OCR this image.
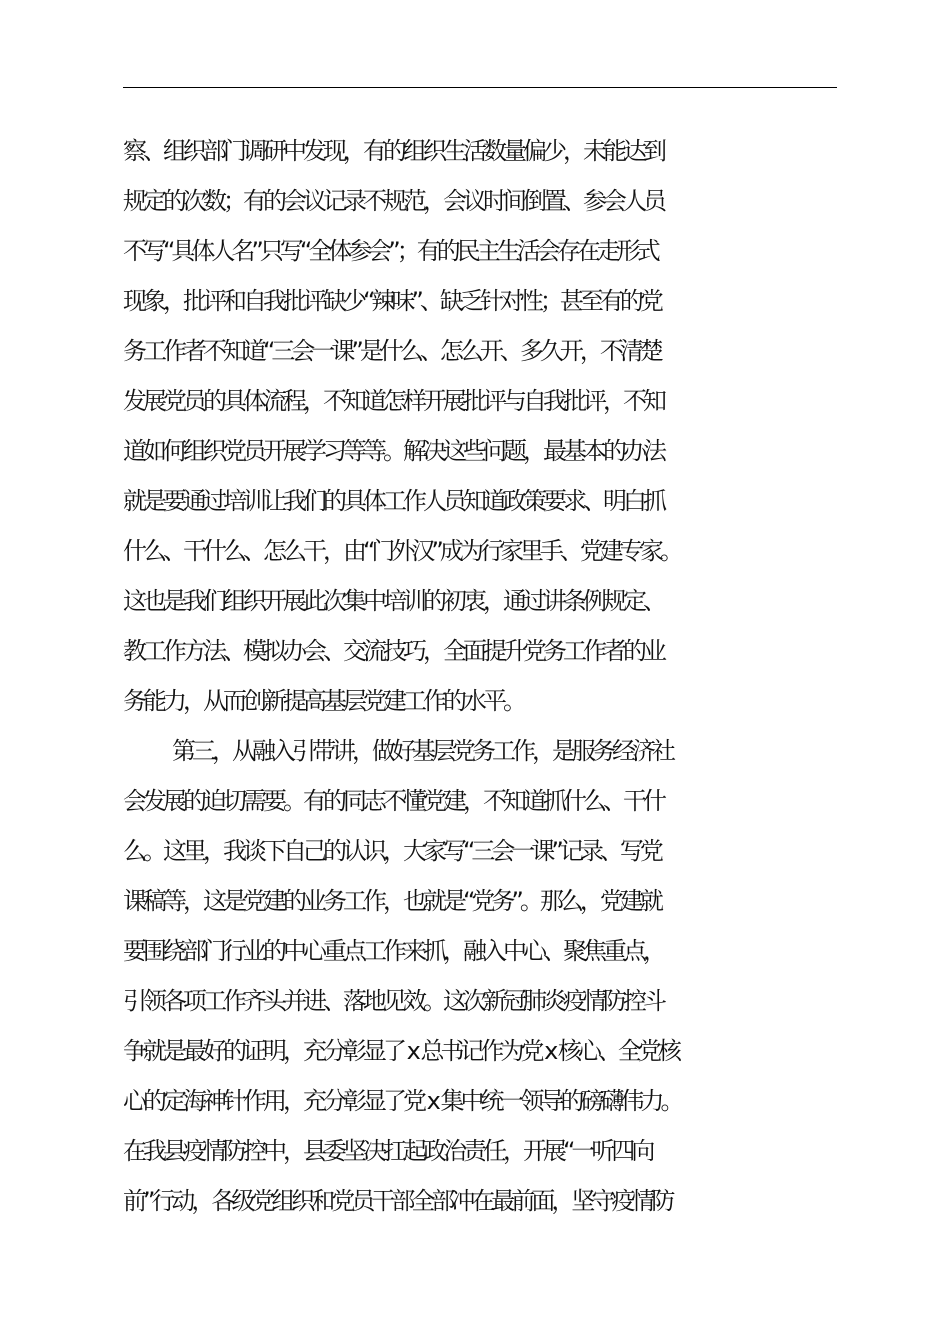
察、组织部门调研中发现，有的组织生活数量偏少，未能达到
规定的次数；有的会议记录不规范，会议时间倒置、参会人员
不写“具体人名”只写“全体参会”；有的民主生活会存在走形式
现象，批评和自我批评缺少“辣味”、缺乏针对性；甚至有的党
务工作者不知道“三会一课”是什么、怎么开、多久开，不清楚
发展党员的具体流程，不知道怎样开展批评与自我批评，不知
道如何组织党员开展学习等等。解决这些问题，最基本的办法
就是要通过培训让我们的具体工作人员知道政策要求、明白抓
什么、干什么、怎么干，由“门外汉”成为行家里手、党建专家。
这也是我们组织开展此次集中培训的初衷，通过讲条例规定、
教工作方法、模拟办会、交流技巧，全面提升党务工作者的业
务能力，从而创新提高基层党建工作的水平。
第三，从融入引带讲，做好基层党务工作，是服务经济社
会发展的迫切需要。有的同志不懂党建，不知道抓什么、干什
么。这里，我谈下自己的认识，大家写“三会一课”记录、写党
课稿等，这是党建的业务工作，也就是“党务”。那么，党建就
要围绕部门行业的中心重点工作来抓，融入中心、聚焦重点，
引领各项工作齐头并进、落地见效。这次新冠肺炎疫情防控斗
争就是最好的证明，充分彰显了 x 总书记作为党 x 核心、全党核
心的定海神针作用，充分彰显了党 x 集中统一领导的磅礴伟力。
在我县疫情防控中，县委坚决扛起政治责任，开展“一听四向
前”行动，各级党组织和党员干部全部冲在最前面，坚守疫情防
